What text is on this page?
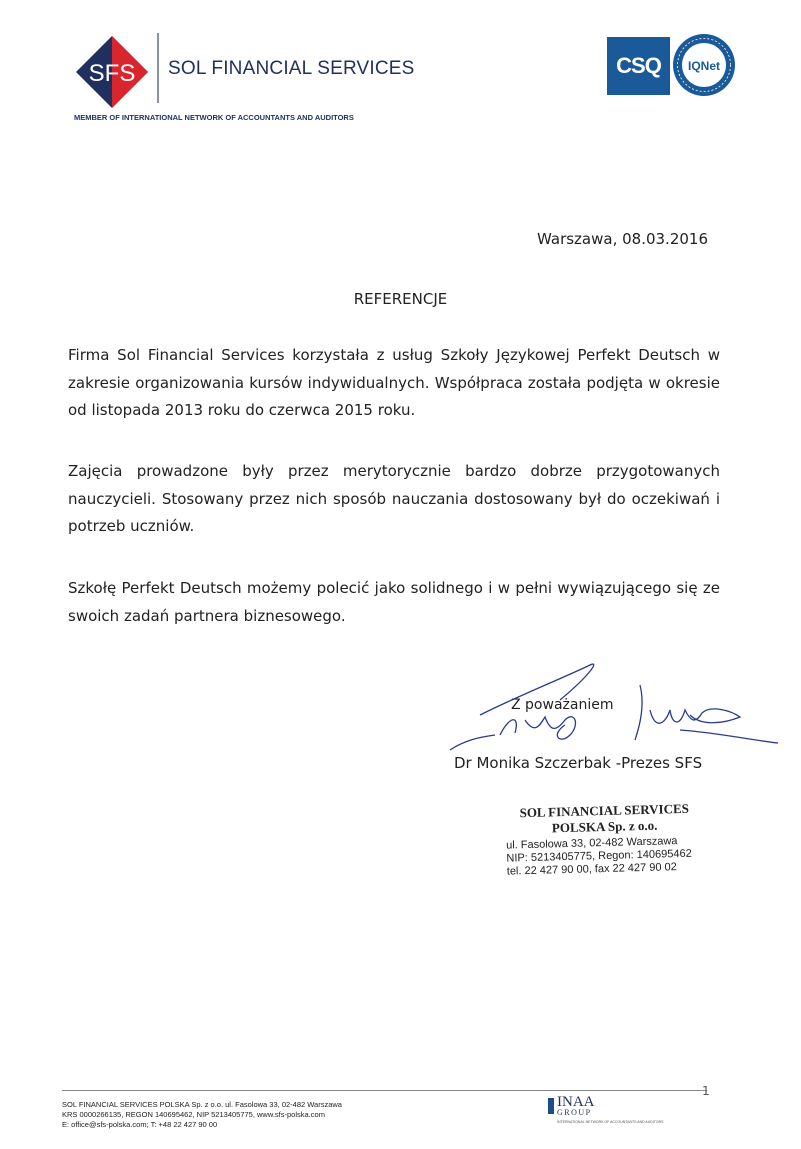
SFS SOL FINANCIAL SERVICES
MEMBER OF INTERNATIONAL NETWORK OF ACCOUNTANTS AND AUDITORS
CSQ	IQNet
Warszawa, 08.03.2016
REFERENCJE
Firma Sol Financial Services korzystała z usług Szkoły Językowej Perfekt Deutsch w zakresie organizowania kursów indywidualnych. Współpraca została podjęta w okresie od listopada 2013 roku do czerwca 2015 roku.
Zajęcia prowadzone były przez merytorycznie bardzo dobrze przygotowanych nauczycieli. Stosowany przez nich sposób nauczania dostosowany był do oczekiwań i potrzeb uczniów.
Szkołę Perfekt Deutsch możemy polecić jako solidnego i w pełni wywiązującego się ze swoich zadań partnera biznesowego.
Z poważaniem
Dr Monika Szczerbak -Prezes SFS
SOL FINANCIAL SERVICES
POLSKA Sp. z o.o.
ul. Fasolowa 33, 02-482 Warszawa
NIP: 5213405775, Regon: 140695462
tel. 22 427 90 00, fax 22 427 90 02
1
SOL FINANCIAL SERVICES POLSKA Sp. z o.o. ul. Fasolowa 33, 02-482 Warszawa
KRS 0000266135, REGON 140695462, NIP 5213405775, www.sfs-polska.com
E: office@sfs-polska.com; T: +48 22 427 90 00
INAA
GROUP
INTERNATIONAL NETWORK OF ACCOUNTANTS AND AUDITORS
